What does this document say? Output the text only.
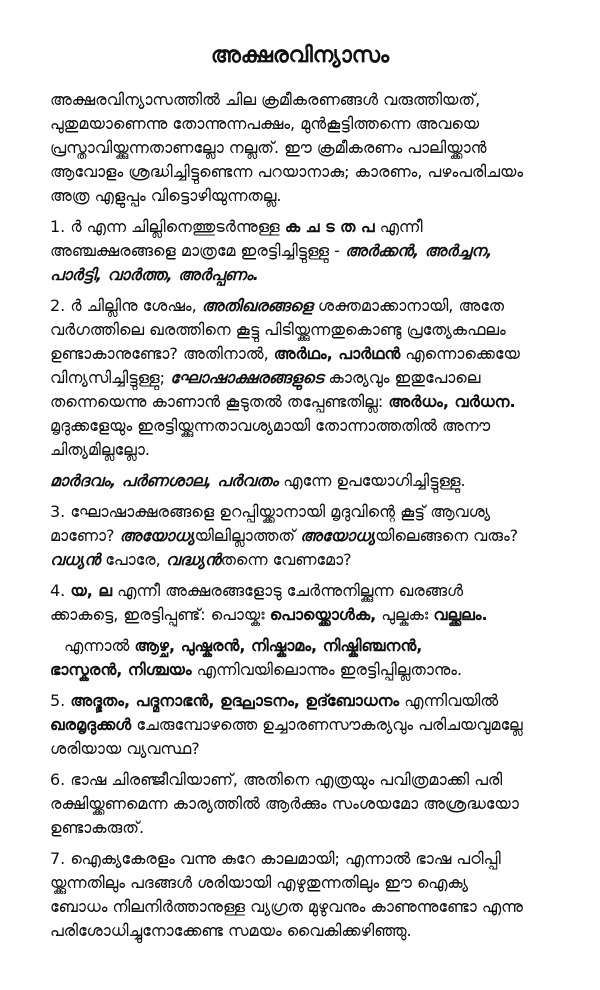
അക്ഷരവിന്യാസം
അക്ഷരവിന്യാസത്തിൽ ചില ക്രമീകരണങ്ങൾ വരുത്തിയത്,
പുതുമയാണെന്നു തോന്നുന്നപക്ഷം, മുൻകൂട്ടിത്തന്നെ അവയെ
പ്രസ്താവിയ്ക്കുന്നതാണല്ലോ നല്ലത്. ഈ ക്രമീകരണം പാലിയ്ക്കാൻ
ആവോളം ശ്രദ്ധിച്ചിട്ടുണ്ടെന്ന പറയാനാകു; കാരണം, പഴംപരിചയം
അത്ര എളുപ്പം വിട്ടൊഴിയുന്നതല്ല.
1. ർ എന്ന ചില്ലിനെത്തുടർന്നുള്ള ക ച ട ത പ എന്നീ
അഞ്ചക്ഷരങ്ങളെ മാത്രമേ ഇരട്ടിച്ചിട്ടുള്ളു - അർക്കൻ, അർച്ചന,
പാർട്ടി, വാർത്ത, അർപ്പണം.
2. ർ ചില്ലിനു ശേഷം, അതിഖരങ്ങളെ ശക്തമാക്കാനായി, അതേ
വർഗത്തിലെ ഖരത്തിനെ കൂട്ടു പിടിയ്ക്കുന്നതുകൊണ്ടു പ്രത്യേകഫലം
ഉണ്ടാകാനുണ്ടോ? അതിനാൽ, അർഥം, പാർഥൻ എന്നൊക്കെയേ
വിന്യസിച്ചിട്ടുള്ളു; ഘോഷാക്ഷരങ്ങളുടെ കാര്യവും ഇതുപോലെ
തന്നെയെന്നു കാണാൻ കൂടുതൽ തപ്പേണ്ടതില്ല: അർധം, വർധന.
മൃദുക്കളേയും ഇരട്ടിയ്ക്കുന്നതാവശ്യമായി തോന്നാത്തതിൽ അനൗ
ചിത്യമില്ലല്ലോ.
മാർദവം, പർണശാല, പർവതം എന്നേ ഉപയോഗിച്ചിട്ടുള്ളു.
3. ഘോഷാക്ഷരങ്ങളെ ഉറപ്പിയ്ക്കാനായി മൃദുവിന്റെ കൂട്ട് ആവശ്യ
മാണോ? അയോധ്യയിലില്ലാത്തത് അയോധ്യയിലെങ്ങനെ വരും?
വധ്യൻ പോരേ, വദ്ധ്യൻതന്നെ വേണമോ?
4. യ, ല എന്നീ അക്ഷരങ്ങളോടു ചേർന്നുനില്ക്കുന്ന ഖരങ്ങൾ
ക്കാകട്ടെ, ഇരട്ടിപ്പുണ്ട്: പൊയ്കഃ പൊയ്ക്കൊൾക, പുല്കുകഃ വല്ക്കലം.
എന്നാൽ ആഴ്ച, പുഷ്കരൻ, നിഷ്കാമം, നിഷ്കിഞ്ചനൻ,
ഭാസ്കരൻ, നിശ്ചയം എന്നിവയിലൊന്നും ഇരട്ടിപ്പില്ലതാനും.
5. അദ്ഭുതം, പദ്മനാഭൻ, ഉദ്ഘാടനം, ഉദ്ബോധനം എന്നിവയിൽ
ഖരമൃദുക്കൾ ചേരുമ്പോഴത്തെ ഉച്ചാരണസൗകര്യവും പരിചയവുമല്ലേ
ശരിയായ വ്യവസ്ഥ?
6. ഭാഷ ചിരഞ്ജീവിയാണ്, അതിനെ എത്രയും പവിത്രമാക്കി പരി
രക്ഷിയ്ക്കണമെന്ന കാര്യത്തിൽ ആർക്കും സംശയമോ അശ്രദ്ധയോ
ഉണ്ടാകരുത്.
7. ഐക്യകേരളം വന്നു കുറേ കാലമായി; എന്നാൽ ഭാഷ പഠിപ്പി
യ്ക്കുന്നതിലും പദങ്ങൾ ശരിയായി എഴുതുന്നതിലും ഈ ഐക്യ
ബോധം നിലനിർത്താനുള്ള വ്യഗ്രത മുഴുവനും കാണുന്നുണ്ടോ എന്നു
പരിശോധിച്ചുനോക്കേണ്ട സമയം വൈകിക്കഴിഞ്ഞു.
